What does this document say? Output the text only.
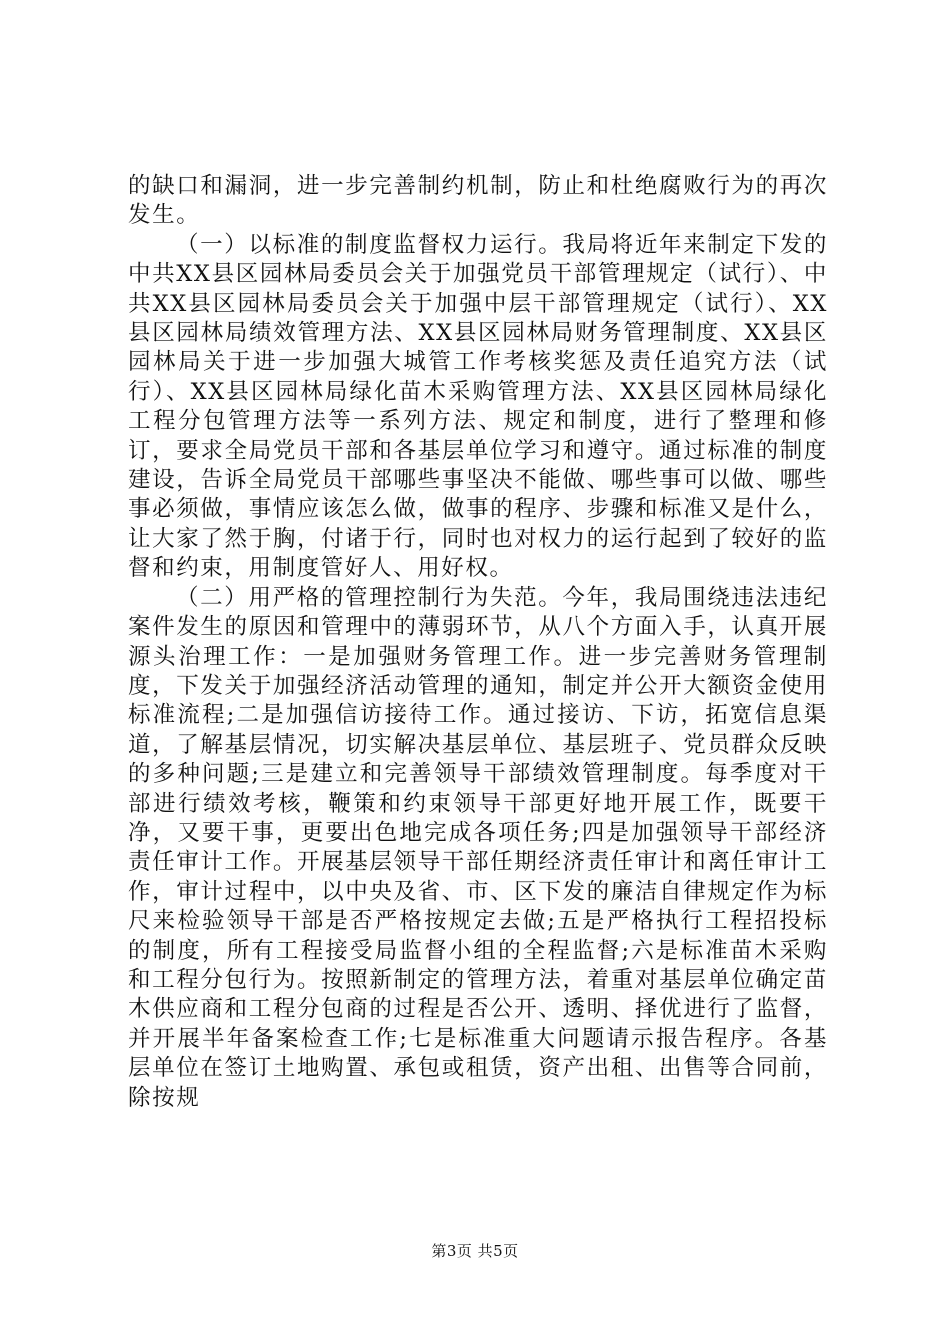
的缺口和漏洞，进一步完善制约机制，防止和杜绝腐败行为的再次发生。

（一）以标准的制度监督权力运行。我局将近年来制定下发的中共XX县区园林局委员会关于加强党员干部管理规定（试行）、中共XX县区园林局委员会关于加强中层干部管理规定（试行）、XX县区园林局绩效管理方法、XX县区园林局财务管理制度、XX县区园林局关于进一步加强大城管工作考核奖惩及责任追究方法（试行）、XX县区园林局绿化苗木采购管理方法、XX县区园林局绿化工程分包管理方法等一系列方法、规定和制度，进行了整理和修订，要求全局党员干部和各基层单位学习和遵守。通过标准的制度建设，告诉全局党员干部哪些事坚决不能做、哪些事可以做、哪些事必须做，事情应该怎么做，做事的程序、步骤和标准又是什么，让大家了然于胸，付诸于行，同时也对权力的运行起到了较好的监督和约束，用制度管好人、用好权。

（二）用严格的管理控制行为失范。今年，我局围绕违法违纪案件发生的原因和管理中的薄弱环节，从八个方面入手，认真开展源头治理工作：一是加强财务管理工作。进一步完善财务管理制度，下发关于加强经济活动管理的通知，制定并公开大额资金使用标准流程;二是加强信访接待工作。通过接访、下访，拓宽信息渠道，了解基层情况，切实解决基层单位、基层班子、党员群众反映的多种问题;三是建立和完善领导干部绩效管理制度。每季度对干部进行绩效考核，鞭策和约束领导干部更好地开展工作，既要干净，又要干事，更要出色地完成各项任务;四是加强领导干部经济责任审计工作。开展基层领导干部任期经济责任审计和离任审计工作，审计过程中，以中央及省、市、区下发的廉洁自律规定作为标尺来检验领导干部是否严格按规定去做;五是严格执行工程招投标的制度，所有工程接受局监督小组的全程监督;六是标准苗木采购和工程分包行为。按照新制定的管理方法，着重对基层单位确定苗木供应商和工程分包商的过程是否公开、透明、择优进行了监督，并开展半年备案检查工作;七是标准重大问题请示报告程序。各基层单位在签订土地购置、承包或租赁，资产出租、出售等合同前，除按规

第3页 共5页
